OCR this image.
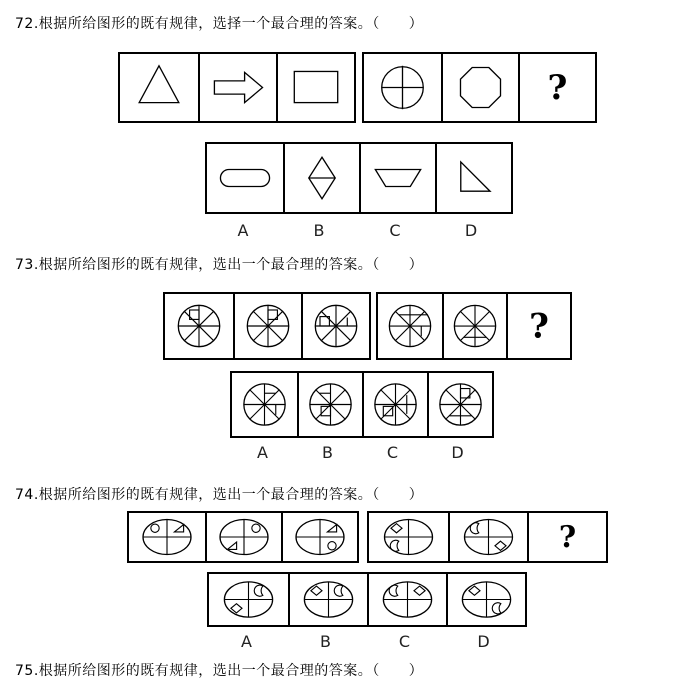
72.根据所给图形的既有规律，选择一个最合理的答案。（　　）
?
A	B	C	D
73.根据所给图形的既有规律，选出一个最合理的答案。（　　）
?
A	B	C	D
74.根据所给图形的既有规律，选出一个最合理的答案。（　　）
?
A	B	C	D
75.根据所给图形的既有规律，选出一个最合理的答案。（　　）
